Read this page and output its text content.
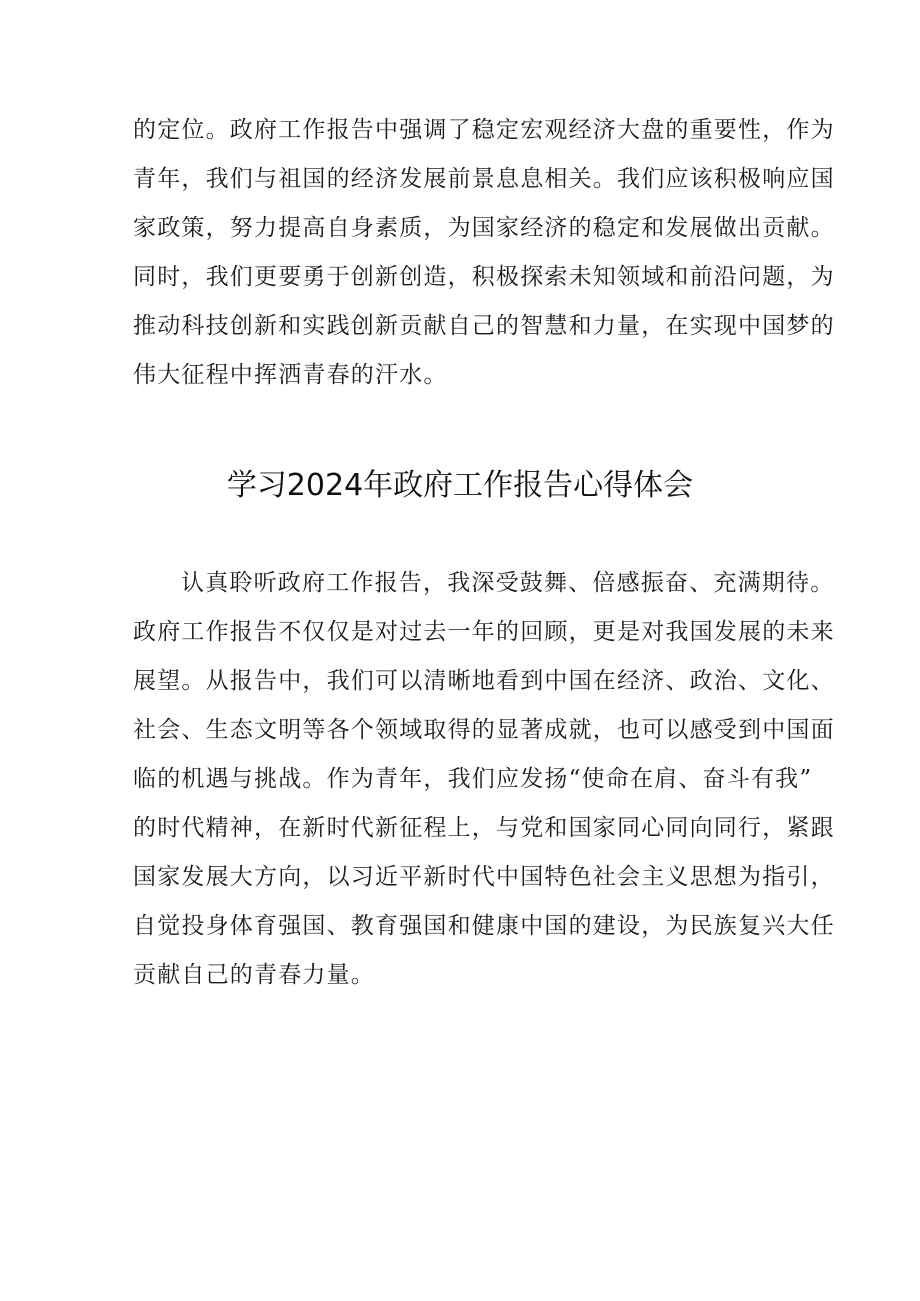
的定位。政府工作报告中强调了稳定宏观经济大盘的重要性，作为
青年，我们与祖国的经济发展前景息息相关。我们应该积极响应国
家政策，努力提高自身素质，为国家经济的稳定和发展做出贡献。
同时，我们更要勇于创新创造，积极探索未知领域和前沿问题，为
推动科技创新和实践创新贡献自己的智慧和力量，在实现中国梦的
伟大征程中挥洒青春的汗水。
学习2024年政府工作报告心得体会
认真聆听政府工作报告，我深受鼓舞、倍感振奋、充满期待。
政府工作报告不仅仅是对过去一年的回顾，更是对我国发展的未来
展望。从报告中，我们可以清晰地看到中国在经济、政治、文化、
社会、生态文明等各个领域取得的显著成就，也可以感受到中国面
临的机遇与挑战。作为青年，我们应发扬“使命在肩、奋斗有我”
的时代精神，在新时代新征程上，与党和国家同心同向同行，紧跟
国家发展大方向，以习近平新时代中国特色社会主义思想为指引，
自觉投身体育强国、教育强国和健康中国的建设，为民族复兴大任
贡献自己的青春力量。
